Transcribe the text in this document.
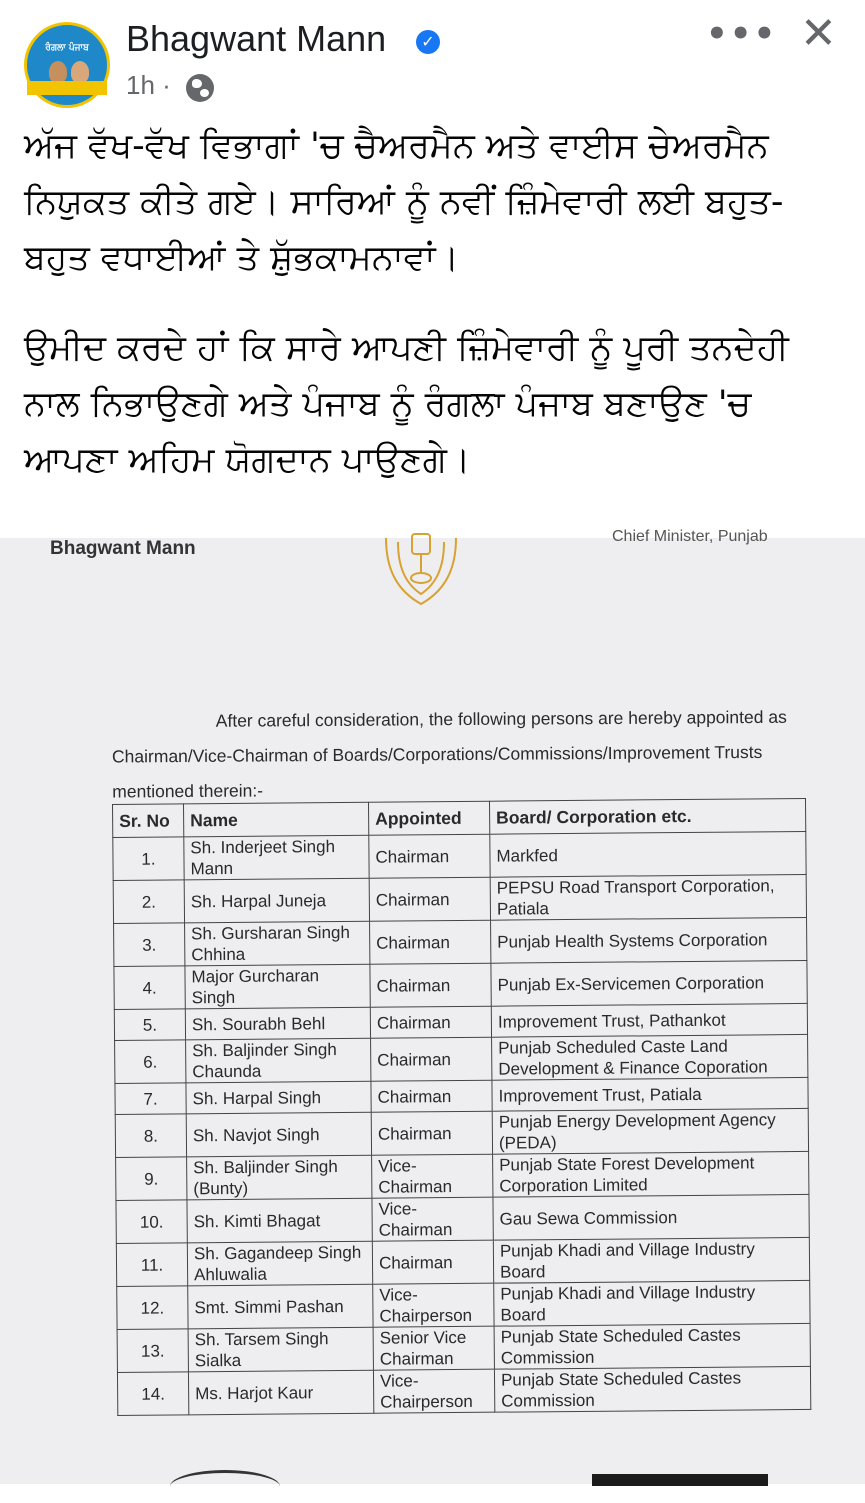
ਰੰਗਲਾ ਪੰਜਾਬ	Bhagwant Mann	✓
1h ·
••• ✕

ਅੱਜ ਵੱਖ-ਵੱਖ ਵਿਭਾਗਾਂ 'ਚ ਚੈਅਰਮੈਨ ਅਤੇ ਵਾਈਸ ਚੇਅਰਮੈਨ ਨਿਯੁਕਤ ਕੀਤੇ ਗਏ। ਸਾਰਿਆਂ ਨੂੰ ਨਵੀਂ ਜ਼ਿੰਮੇਵਾਰੀ ਲਈ ਬਹੁਤ-ਬਹੁਤ ਵਧਾਈਆਂ ਤੇ ਸ਼ੁੱਭਕਾਮਨਾਵਾਂ।

ਉਮੀਦ ਕਰਦੇ ਹਾਂ ਕਿ ਸਾਰੇ ਆਪਣੀ ਜ਼ਿੰਮੇਵਾਰੀ ਨੂੰ ਪੂਰੀ ਤਨਦੇਹੀ ਨਾਲ ਨਿਭਾਉਣਗੇ ਅਤੇ ਪੰਜਾਬ ਨੂੰ ਰੰਗਲਾ ਪੰਜਾਬ ਬਣਾਉਣ 'ਚ ਆਪਣਾ ਅਹਿਮ ਯੋਗਦਾਨ ਪਾਉਣਗੇ।

Bhagwant Mann
Chief Minister, Punjab
After careful consideration, the following persons are hereby appointed as Chairman/Vice-Chairman of Boards/Corporations/Commissions/Improvement Trusts mentioned therein:-
Sr. No	Name	Appointed	Board/ Corporation etc.
1.	Sh. Inderjeet Singh Mann	Chairman	Markfed
2.	Sh. Harpal Juneja	Chairman	PEPSU Road Transport Corporation, Patiala
3.	Sh. Gursharan Singh Chhina	Chairman	Punjab Health Systems Corporation
4.	Major Gurcharan Singh	Chairman	Punjab Ex-Servicemen Corporation
5.	Sh. Sourabh Behl	Chairman	Improvement Trust, Pathankot
6.	Sh. Baljinder Singh Chaunda	Chairman	Punjab Scheduled Caste Land Development & Finance Coporation
7.	Sh. Harpal Singh	Chairman	Improvement Trust, Patiala
8.	Sh. Navjot Singh	Chairman	Punjab Energy Development Agency (PEDA)
9.	Sh. Baljinder Singh (Bunty)	Vice-Chairman	Punjab State Forest Development Corporation Limited
10.	Sh. Kimti Bhagat	Vice-Chairman	Gau Sewa Commission
11.	Sh. Gagandeep Singh Ahluwalia	Chairman	Punjab Khadi and Village Industry Board
12.	Smt. Simmi Pashan	Vice-Chairperson	Punjab Khadi and Village Industry Board
13.	Sh. Tarsem Singh Sialka	Senior Vice Chairman	Punjab State Scheduled Castes Commission
14.	Ms. Harjot Kaur	Vice-Chairperson	Punjab State Scheduled Castes Commission
